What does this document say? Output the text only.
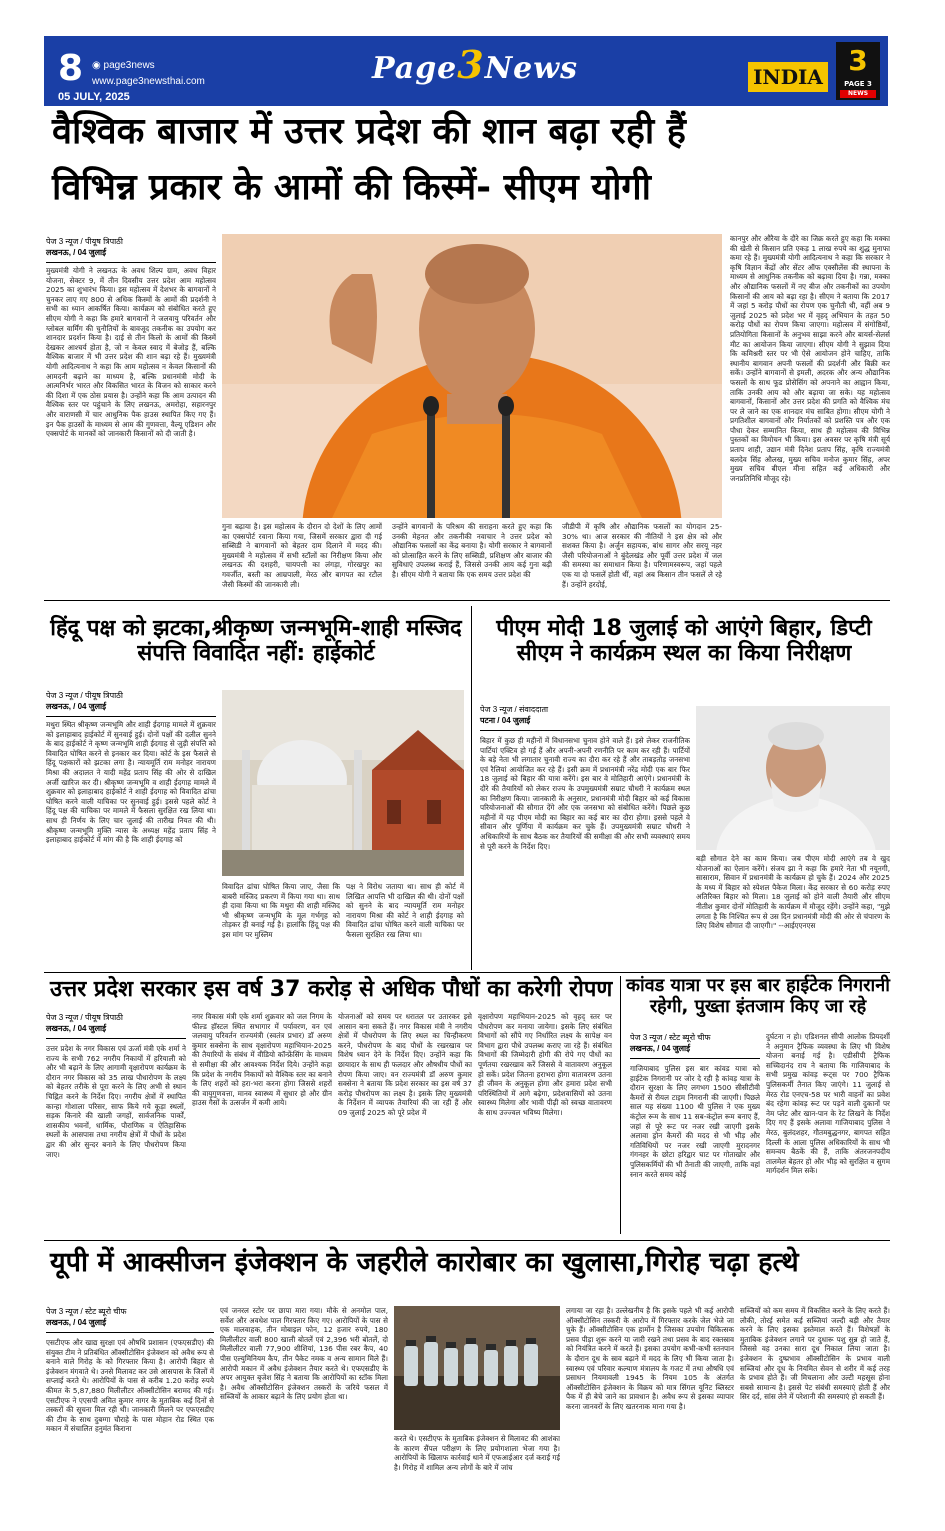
8 ◉ page3news
www.page3newsthai.com
05 JULY, 2025
Page3News	INDIA 3
PAGE 3
NEWS
वैश्विक बाजार में उत्तर प्रदेश की शान बढ़ा रही हैं
विभिन्न प्रकार के आमों की किस्में- सीएम योगी
पेज 3 न्यूज / पीयूष त्रिपाठी
लखनऊ, / 04 जुलाई
मुख्यमंत्री योगी ने लखनऊ के अवध शिल्प ग्राम, अवध विहार योजना, सेक्टर 9, में तीन दिवसीय उत्तर प्रदेश आम महोत्सव 2025 का शुभारंभ किया। इस महोत्सव में देशभर के बागवानों ने चुनकर लाए गए 800 से अधिक किस्मों के आमों की प्रदर्शनी ने सभी का ध्यान आकर्षित किया। कार्यक्रम को संबोधित करते हुए सीएम योगी ने कहा कि हमारे बागवानों ने जलवायु परिवर्तन और ग्लोबल वार्मिंग की चुनौतियों के बावजूद तकनीक का उपयोग कर शानदार प्रदर्शन किया है। दाई से तीन किलो के आमों की किस्में देखकर आश्चर्य होता है, जो न केवल स्वाद में बेजोड़ हैं, बल्कि वैश्विक बाजार में भी उत्तर प्रदेश की शान बढ़ा रहे हैं। मुख्यमंत्री योगी आदित्यनाथ ने कहा कि आम महोत्सव न केवल किसानों की आमदनी बढ़ाने का माध्यम है, बल्कि प्रधानमंत्री मोदी के आत्मनिर्भर भारत और विकसित भारत के विजन को साकार करने की दिशा में एक ठोस प्रयास है। उन्होंने कहा कि आम उत्पादन की वैश्विक स्तर पर पहुंचाने के लिए लखनऊ, अमरोहा, सहारनपुर और वाराणसी में चार आधुनिक पैक हाउस स्थापित किए गए हैं। इन पैक हाउसों के माध्यम से आम की गुणवत्ता, वैल्यू एडिशन और एक्सपोर्ट के मानकों को जानकारी किसानों को दी जाती है।
गुना बढ़ाया है। इस महोत्सव के दौरान दो देशों के लिए आमों का एक्सपोर्ट रवाना किया गया, जिसमें सरकार द्वारा दी गई सब्सिडी ने बागवानों को बेहतर दाम दिलाने में मदद की। मुख्यमंत्री ने महोत्सव में सभी स्टॉलों का निरीक्षण किया और लखनऊ की दशहरी, चायपत्ती का लंगड़ा, गोरखपुर का गवर्जीत, बस्ती का आम्रपाली, मेरठ और बागपत का रटौल जैसी किस्मों की जानकारी ली।
उन्होंने बागवानों के परिश्रम की सराहना करते हुए कहा कि उनकी मेहनत और तकनीकी नवाचार ने उत्तर प्रदेश को औद्यानिक फसलों का केंद्र बनाया है। योगी सरकार ने बागवानों को प्रोत्साहित करने के लिए सब्सिडी, प्रशिक्षण और बाजार की सुविधाएं उपलब्ध कराई हैं, जिससे उनकी आय कई गुना बढ़ी है। सीएम योगी ने बताया कि एक समय उत्तर प्रदेश की
जीडीपी में कृषि और औद्यानिक फसलों का योगदान 25-30% था। आज सरकार की नीतियों ने इस क्षेत्र को और सशक्त किया है। अर्जुन सहायक, बांध सागर और सरयू नहर जैसी परियोजनाओं ने बुंदेलखंड और पूर्वी उत्तर प्रदेश में जल की समस्या का समाधान किया है। परिणामस्वरूप, जहां पहले एक या दो फसलें होती थीं, वहां अब किसान तीन फसलें ले रहे हैं। उन्होंने हरदोई,
कानपुर और औरैया के दौरे का जिक्र करते हुए कहा कि मक्का की खेती से किसान प्रति एकड़ 1 लाख रुपये का शुद्ध मुनाफा कमा रहे हैं। मुख्यमंत्री योगी आदित्यनाथ ने कहा कि सरकार ने कृषि विज्ञान केंद्रों और सेंटर ऑफ एक्सीलेंस की स्थापना के माध्यम से आधुनिक तकनीक को बढ़ावा दिया है। गन्ना, मक्का और औद्यानिक फसलों में नए बीज और तकनीकों का उपयोग किसानों की आय को बढ़ा रहा है। सीएम ने बताया कि 2017 में जहां 5 करोड़ पौधों का रोपण एक चुनौती थी, वहीं अब 9 जुलाई 2025 को प्रदेश भर में वृहद् अभियान के तहत 50 करोड़ पौधों का रोपण किया जाएगा। महोत्सव में संगोष्ठियों, प्रतियोगिता किसानों के अनुभव साझा करने और बायर्स-सेलर्स मीट का आयोजन किया जाएगा। सीएम योगी ने सुझाव दिया कि कमिश्नरी स्तर पर भी ऐसे आयोजन होने चाहिए, ताकि स्थानीय बागवान अपनी फसलों की प्रदर्शनी और बिक्री कर सकें। उन्होंने बागवानों से इमली, अदरक और अन्य औद्यानिक फसलों के साथ फूड प्रोसेसिंग को अपनाने का आह्वान किया, ताकि उनकी आय को और बढ़ाया जा सके। यह महोत्सव बागवानों, किसानों और उत्तर प्रदेश की प्रगति को वैश्विक मंच पर ले जाने का एक शानदार मंच साबित होगा। सीएम योगी ने प्रगतिशील बागवानों और निर्यातकों को प्रशस्ति पत्र और एक पौधा देकर सम्मानित किया, साथ ही महोत्सव की विभिन्न पुस्तकों का विमोचन भी किया। इस अवसर पर कृषि मंत्री सूर्य प्रताप शाही, उद्यान मंत्री दिनेश प्रताप सिंह, कृषि राज्यमंत्री बलदेव सिंह औलख, मुख्य सचिव मनोज कुमार सिंह, अपर मुख्य सचिव बीएल मीना सहित कई अधिकारी और जनप्रतिनिधि मौजूद रहे।
हिंदू पक्ष को झटका,श्रीकृष्ण जन्मभूमि-शाही मस्जिद संपत्ति विवादित नहीं: हाईकोर्ट
पेज 3 न्यूज / पीयूष त्रिपाठी
लखनऊ, / 04 जुलाई
मथुरा स्थित श्रीकृष्ण जन्मभूमि और शाही ईदगाह मामले में शुक्रवार को इलाहाबाद हाईकोर्ट में सुनवाई हुई। दोनों पक्षों की दलील सुनने के बाद हाईकोर्ट ने कृष्ण जन्मभूमि शाही ईदगाह से जुड़ी संपत्ति को विवादित घोषित करने से इनकार कर दिया। कोर्ट के इस फैसले से हिंदू पक्षकारों को झटका लगा है। न्यायमूर्ति राम मनोहर नारायण मिश्रा की अदालत ने यादी महेंद्र प्रताप सिंह की ओर से दाखिल अर्जी खारिज कर दी। श्रीकृष्ण जन्मभूमि व शाही ईदगाह मामले में शुक्रवार को इलाहाबाद हाईकोर्ट ने शाही ईदगाह को विवादित ढांचा घोषित करने वाली याचिका पर सुनवाई हुई। इससे पहले कोर्ट ने हिंदू पक्ष की याचिका पर मामले में फैसला सुरक्षित रख लिया था। साथ ही निर्णय के लिए चार जुलाई की तारीख नियत की थी। श्रीकृष्ण जन्मभूमि मुक्ति न्यास के अध्यक्ष महेंद्र प्रताप सिंह ने इलाहाबाद हाईकोर्ट में मांग की है कि शाही ईदगाह को
विवादित ढांचा घोषित किया जाए, जैसा कि बाबरी मस्जिद प्रकरण में किया गया था। साथ ही दावा किया था कि मथुरा की शाही मस्जिद भी श्रीकृष्ण जन्मभूमि के मूल गर्भगृह को तोड़कर ही बनाई गई है। हालांकि हिंदू पक्ष की इस मांग पर मुस्लिम
पक्ष ने विरोध जताया था। साथ ही कोर्ट में लिखित आपत्ति भी दाखिल की थी। दोनों पक्षों को सुनने के बाद न्यायमूर्ति राम मनोहर नारायण मिश्रा की कोर्ट ने शाही ईदगाह को विवादित ढांचा घोषित करने वाली याचिका पर फैसला सुरक्षित रख लिया था।
पीएम मोदी 18 जुलाई को आएंगे बिहार, डिप्टी सीएम ने कार्यक्रम स्थल का किया निरीक्षण
पेज 3 न्यूज / संवाददाता
पटना / 04 जुलाई
बिहार में कुछ ही महीनों में विधानसभा चुनाव होने वाले हैं। इसे लेकर राजनीतिक पार्टियां एक्टिव हो गई हैं और अपनी-अपनी रणनीति पर काम कर रही हैं। पार्टियों के बड़े नेता भी लगातार चुनावी राज्य का दौरा कर रहे हैं और ताबड़तोड़ जनसभा एवं रैलियां आयोजित कर रहे हैं। इसी क्रम में प्रधानमंत्री नरेंद्र मोदी एक बार फिर 18 जुलाई को बिहार की यात्रा करेंगे। इस बार वे मोतिहारी आएंगे। प्रधानमंत्री के दौरे की तैयारियों को लेकर राज्य के उपमुख्यमंत्री सम्राट चौधरी ने कार्यक्रम स्थल का निरीक्षण किया। जानकारी के अनुसार, प्रधानमंत्री मोदी बिहार को कई विकास परियोजनाओं की सौगात देंगे और एक जनसभा को संबोधित करेंगे। पिछले कुछ महीनों में यह पीएम मोदी का बिहार का कई बार का दौरा होगा। इससे पहले वे सीवान और पूर्णिया में कार्यक्रम कर चुके हैं। उपमुख्यमंत्री सम्राट चौधरी ने अधिकारियों के साथ बैठक कर तैयारियों की समीक्षा की और सभी व्यवस्थाएं समय से पूरी करने के निर्देश दिए।
बड़ी सौगात देने का काम किया। जब पीएम मोदी आएंगे तब वे खुद योजनाओं का ऐलान करेंगे। संजय झा ने कहा कि हमारे नेता भी नयूनगी, सासाराम, सिवान में प्रधानमंत्री के कार्यक्रम हो चुके हैं। 2024 और 2025 के मध्य में बिहार को स्पेशल पैकेज मिला। केंद्र सरकार से 60 करोड़ रुपए अतिरिक्त बिहार को मिला। 18 जुलाई को होने वाली तैयारी और सीएम नीतीश कुमार दोनों मोतिहारी के कार्यक्रम में मौजूद रहेंगे। उन्होंने कहा, "मुझे लगता है कि निश्चित रूप से उस दिन प्रधानमंत्री मोदी की ओर से चंपारण के लिए विशेष सौगात दी जाएगी।" --आईएएनएस
उत्तर प्रदेश सरकार इस वर्ष 37 करोड़ से अधिक पौधों का करेगी रोपण
पेज 3 न्यूज / पीयूष त्रिपाठी
लखनऊ, / 04 जुलाई
उत्तर प्रदेश के नगर विकास एवं ऊर्जा मंत्री एके शर्मा ने राज्य के सभी 762 नगरीय निकायों में हरियाली को और भी बढ़ाने के लिए आगामी वृक्षारोपण कार्यक्रम के दौरान नगर विकास को 35 लाख पौधारोपण के लक्ष्य को बेहतर तरीके से पूरा करने के लिए अभी से स्थान चिह्नित करने के निर्देश दिए। नगरीय क्षेत्रों में स्थापित कान्हा गोशाला परिसर, साफ किये गये कूड़ा स्थलों, सड़क किनारे की खाली जगहों, सार्वजनिक पार्कों, शासकीय भवनों, धार्मिक, पौराणिक व ऐतिहासिक स्थलों के आसपास तथा नगरीय क्षेत्रों में पौधों के प्रदेश द्वार की ओर सुन्दर बनाने के लिए पौधरोपण किया जाए।
नगर विकास मंत्री एके शर्मा शुक्रवार को जल निगम के फील्ड हॉस्टल स्थित सभागार में पर्यावरण, वन एवं जलवायु परिवर्तन राज्यमंत्री (स्वतंत्र प्रभार) डॉ अरुण कुमार सक्सेना के साथ वृक्षारोपण महाभियान-2025 की तैयारियों के संबंध में वीडियो कॉन्फ्रेंसिंग के माध्यम से समीक्षा की और आवश्यक निर्देश दिये। उन्होंने कहा कि प्रदेश के नगरीय निकायों को वैश्विक स्तर का बनाने के लिए शहरों को हरा-भरा करना होगा जिससे शहरों की वायुगुणवत्ता, मानव स्वास्थ्य में सुधार हो और ग्रीन हाउस गैसों के उत्सर्जन में कमी आये।
योजनाओं को समय पर धरातल पर उतारकर इसे आसान बना सकते हैं। नगर विकास मंत्री ने नगरीय क्षेत्रों में पौधरोपण के लिए स्थल का चिन्हीकरण करने, पौधरोपण के बाद पौधों के रखरखाव पर विशेष ध्यान देने के निर्देश दिए। उन्होंने कहा कि छायादार के साथ ही फलदार और औषधीय पौधों का रोपण किया जाए। वन राज्यमंत्री डॉ अरुण कुमार सक्सेना ने बताया कि प्रदेश सरकार का इस वर्ष 37 करोड़ पौधरोपण का लक्ष्य है। इसके लिए मुख्यमंत्री के निर्देशन में व्यापक तैयारियां की जा रही हैं और 09 जुलाई 2025 को पूरे प्रदेश में
वृक्षारोपण महाभियान-2025 को वृहद् स्तर पर पौधरोपण कर मनाया जायेगा। इसके लिए संबंधित विभागों को सौंपे गए निर्धारित लक्ष्य के सापेक्ष वन विभाग द्वारा पौधे उपलब्ध कराए जा रहे हैं। संबंधित विभागों की जिम्मेदारी होगी की रोपे गए पौधों का पूर्णतया रखरखाव करें जिससे वे वातावरण अनुकूल हो सकें। प्रदेश जितना हराभरा होगा वातावरण उतना ही जीवन के अनुकूल होगा और हमारा प्रदेश सभी परिस्थितियों में आगे बढ़ेगा, प्रदेशवासियों को उतना स्वास्थ्य मिलेगा और भावी पीढ़ी को स्वच्छ वातावरण के साथ उज्ज्वल भविष्य मिलेगा।
कांवड यात्रा पर इस बार हाईटेक निगरानी रहेगी, पुख्ता इंतजाम किए जा रहे
पेज 3 न्यूज / स्टेट ब्यूरो चीफ
लखनऊ, / 04 जुलाई
गाजियाबाद पुलिस इस बार कांवड यात्रा को हाईटेक निगरानी पर जोर दे रही है कांवड़ यात्रा के दौरान सुरक्षा के लिए लगभग 1500 सीसीटीवी कैमरों से रीयल टाइम निगरानी की जाएगी। पिछले साल यह संख्या 1100 थी पुलिस ने एक मुख्य कंट्रोल रूम के साथ 11 सब-कंट्रोल रूम बनाए हैं, जहां से पूरे रूट पर नजर रखी जाएगी इसके अलावा ड्रोन कैमरों की मदद से भी भीड़ और गतिविधियों पर नजर रखी जाएगी मुरादनगर गंगनहर के छोटा हरिद्वार घाट पर गोताखोर और पुलिसकर्मियों की भी तैनाती की जाएगी, ताकि वहां स्नान करते समय कोई
दुर्घटना न हो। एडिशनल सीपी आलोक प्रियदर्शी ने अनुमान ट्रैफिक व्यवस्था के लिए भी विशेष योजना बनाई गई है। एडीसीपी ट्रैफिक सच्चिदानंद राय ने बताया कि गाजियाबाद के सभी प्रमुख कांवड़ रूट्स पर 700 ट्रैफिक पुलिसकर्मी तैनात किए जाएंगे। 11 जुलाई से मेरठ रोड एनएच-58 पर भारी वाहनों का प्रवेश बंद रहेगा कांवड़ रूट पर पड़ने वाली दुकानों पर नेम प्लेट और खान-पान के रेट लिखने के निर्देश दिए गए हैं इसके अलावा गाजियाबाद पुलिस ने मेरठ, बुलंदशहर, गौतमबुद्धनगर, बागपत सहित दिल्ली के आला पुलिस अधिकारियों के साथ भी समन्वय बैठकें की हैं, ताकि अंतरजनपदीय तालमेल बेहतर हो और भीड़ को सुरक्षित व सुगम मार्गदर्शन मिल सके।
यूपी में आक्सीजन इंजेक्शन के जहरीले कारोबार का खुलासा,गिरोह चढ़ा हत्थे
पेज 3 न्यूज / स्टेट ब्यूरो चीफ
लखनऊ, / 04 जुलाई
एसटीएफ और खाद्य सुरक्षा एवं औषधि प्रशासन (एफएसडीए) की संयुक्त टीम ने प्रतिबंधित ऑक्सीटोसिन इंजेक्शन को अवैध रूप से बनाने वाले गिरोह के को गिरफ्तार किया है। आरोपी बिहार से इंजेक्शन मंगवाते थे। उनसे मिलावट कर उसे आसपास के जिलों में सप्लाई करते थे। आरोपियों के पास से करीब 1.20 करोड़ रुपये कीमत के 5,87,880 मिलीलीटर ऑक्सीटोसिन बरामद की गई। एसटीएफ ने एएसपी अमित कुमार नागर के मुताबिक कई दिनों से तस्करों की सूचना मिल रही थी। जानकारी मिलने पर एफएसडीए की टीम के साथ दुबग्गा चौराहे के पास मोहान रोड स्थित एक मकान में संचालित हनुमंत किराना
एवं जनरल स्टोर पर छापा मारा गया। मौके से अनमोल पाल, सर्वेश और अवधेश पाल गिरफ्तार किए गए। आरोपियों के पास से एक मालवाहक, तीन मोबाइल फोन, 12 हजार रुपये, 180 मिलीलीटर वाली 800 खाली बोतलें एवं 2,396 भरी बोतलें, दो मिलीलीटर वाली 77,900 शीशियां, 136 पीस रबर कैप, 40 पीस एल्युमिनियम कैप, तीन पैकेट नमक व अन्य सामान मिले हैं। आरोपी मकान में अवैध इंजेक्शन तैयार करते थे। एफएसडीए के अपर आयुक्त बृजेश सिंह ने बताया कि आरोपियों का स्टॉक मिला है। अवैध ऑक्सीटोसिन इंजेक्शन तस्करों के जरिये फसल में सब्जियों के आकार बढ़ाने के लिए प्रयोग होता था।
करते थे। एसटीएफ के मुताबिक इंजेक्शन से मिलावट की आशंका के कारण सैंपल परीक्षण के लिए प्रयोगशाला भेजा गया है। आरोपियों के खिलाफ कार्रवाई थाने में एफआईआर दर्ज कराई गई है। गिरोह में शामिल अन्य लोगों के बारे में जांच
लगाया जा रहा है। उल्लेखनीय है कि इसके पहले भी कई आरोपी ऑक्सीटोसिन तस्करी के आरोप में गिरफ्तार करके जेल भेजे जा चुके हैं। ऑक्सीटोसिन एक हार्मोन है जिसका उपयोग चिकित्सक प्रसव पीड़ा शुरू करने या जारी रखने तथा प्रसव के बाद रक्तस्राव को नियंत्रित करने में करते हैं। इसका उपयोग कभी-कभी स्तनपान के दौरान दूध के स्राव बढ़ाने में मदद के लिए भी किया जाता है। स्वास्थ्य एवं परिवार कल्याण मंत्रालय के गजट में तथा औषधि एवं प्रसाधन नियमावली 1945 के नियम 105 के अंतर्गत ऑक्सीटोसिन इंजेक्शन के विक्रय को मात्र सिंगल यूनिट ब्लिस्टर पैक में ही बेचे जाने का प्रावधान है। अवैध रूप से इसका व्यापार करना जानवरों के लिए खतरनाक माना गया है।
सब्जियों को कम समय में विकसित करने के लिए करते हैं। लौकी, तोरई समेत कई सब्जियां जल्दी बड़ी और तैयार करने के लिए इसका इस्तेमाल करते हैं। विशेषज्ञों के मुताबिक इंजेक्शन लगाने पर दुधारू पशु सुन्न हो जाते हैं, जिससे वह उनका सारा दूध निकाल लिया जाता है। इंजेक्शन के दुष्प्रभाव ऑक्सीटोसिन के प्रभाव वाली सब्जियां और दूध के नियमित सेवन से शरीर में कई तरह के प्रभाव होते हैं। जी मिचलाना और उल्टी महसूस होना सबसे सामान्य है। इससे पेट संबंधी समस्याएं होती हैं और सिर दर्द, सांस लेने में परेशानी की समस्याएं हो सकती हैं।
